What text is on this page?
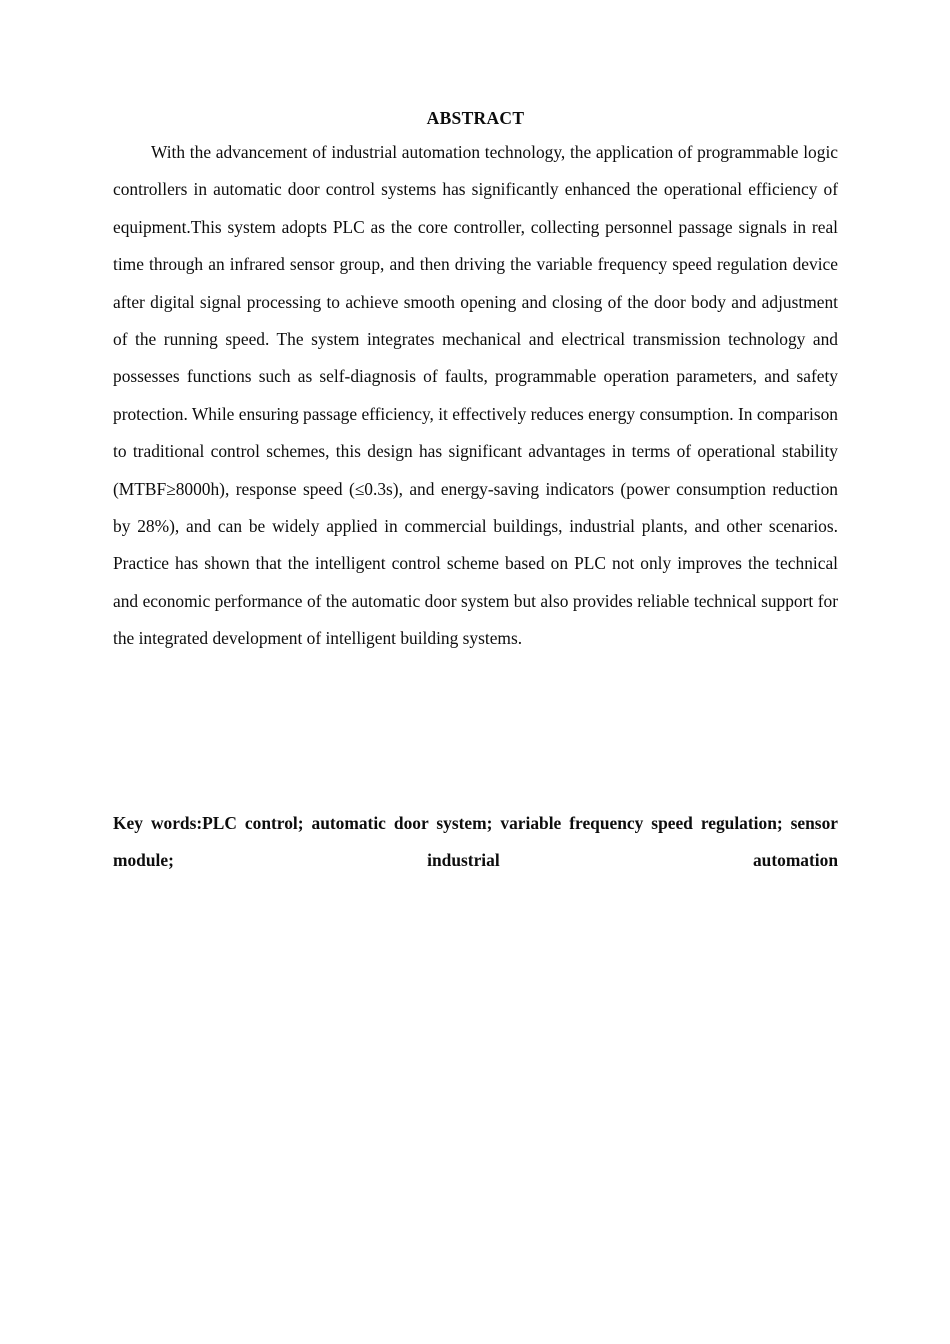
ABSTRACT

With the advancement of industrial automation technology, the application of programmable logic controllers in automatic door control systems has significantly enhanced the operational efficiency of equipment.This system adopts PLC as the core controller, collecting personnel passage signals in real time through an infrared sensor group, and then driving the variable frequency speed regulation device after digital signal processing to achieve smooth opening and closing of the door body and adjustment of the running speed. The system integrates mechanical and electrical transmission technology and possesses functions such as self-diagnosis of faults, programmable operation parameters, and safety protection. While ensuring passage efficiency, it effectively reduces energy consumption. In comparison to traditional control schemes, this design has significant advantages in terms of operational stability (MTBF≥8000h), response speed (≤0.3s), and energy-saving indicators (power consumption reduction by 28%), and can be widely applied in commercial buildings, industrial plants, and other scenarios. Practice has shown that the intelligent control scheme based on PLC not only improves the technical and economic performance of the automatic door system but also provides reliable technical support for the integrated development of intelligent building systems.

Key words:PLC control; automatic door system; variable frequency speed regulation; sensor module; industrial automation
